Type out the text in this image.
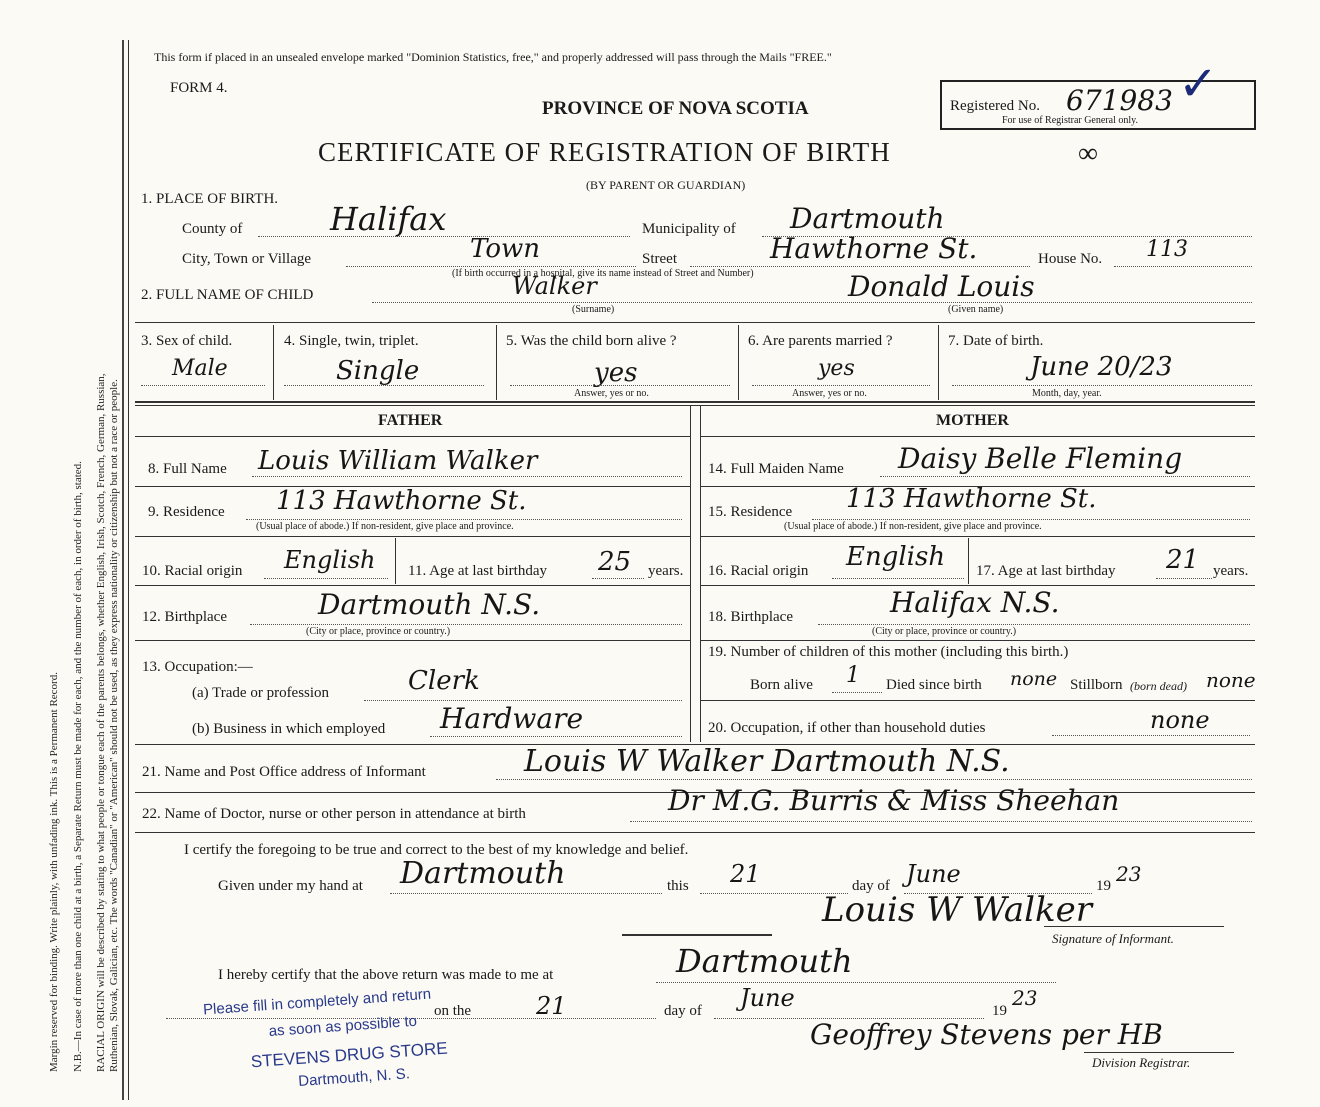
Margin reserved for binding. Write plainly, with unfading ink. This is a Permanent Record. N.B.—In case of more than one child at a birth, a Separate Return must be made for each, and the number of each, in order of birth, stated. RACIAL ORIGIN will be described by stating to what people or tongue each of the parents belongs, whether English, Irish, Scotch, French, German, Russian, Ruthenian, Slovak, Galician, etc. The words "Canadian" or "American" should not be used, as they express nationality or citizenship but not a race or people.
This form if placed in an unsealed envelope marked "Dominion Statistics, free," and properly addressed will pass through the Mails "FREE."
FORM 4.
PROVINCE OF NOVA SCOTIA
CERTIFICATE OF REGISTRATION OF BIRTH
(BY PARENT OR GUARDIAN)
∞
Registered No. 671983
For use of Registrar General only.
✓
1. PLACE OF BIRTH.
County of	Halifax	Municipality of Dartmouth
City, Town or Village	Town	Street	Hawthorne St.	House No. 113
(If birth occurred in a hospital, give its name instead of Street and Number)
2. FULL NAME OF CHILD	Walker
(Surname)
Donald Louis
(Given name)
3. Sex of child.
Male
4. Single, twin, triplet.
Single
5. Was the child born alive ?
yes
Answer, yes or no.
6. Are parents married ?
yes
Answer, yes or no.
7. Date of birth.
June 20/23
Month, day, year.
FATHER	MOTHER
8. Full Name Louis William Walker
9. Residence 113 Hawthorne St.
(Usual place of abode.) If non-resident, give place and province.
10. Racial origin English 11. Age at last birthday 25 years.
12. Birthplace	Dartmouth N.S.
(City or place, province or country.)
13. Occupation:—
(a) Trade or profession	Clerk
(b) Business in which employed Hardware
14. Full Maiden Name Daisy Belle Fleming
15. Residence 113 Hawthorne St.
(Usual place of abode.) If non-resident, give place and province.
16. Racial origin English 17. Age at last birthday 21 years.
18. Birthplace	Halifax N.S.
(City or place, province or country.)
19. Number of children of this mother (including this birth.)
Born alive 1 Died since birth none Stillborn (born dead) none
20. Occupation, if other than household duties	none
21. Name and Post Office address of Informant	Louis W Walker Dartmouth N.S.
22. Name of Doctor, nurse or other person in attendance at birth	Dr M.G. Burris & Miss Sheehan
I certify the foregoing to be true and correct to the best of my knowledge and belief.
Given under my hand at Dartmouth	this 21	day of June	19 23
Louis W Walker
Signature of Informant.
I hereby certify that the above return was made to me at	Dartmouth
on the	21	day of June	19
23
Geoffrey Stevens per HB
Division Registrar.
Please fill in completely and return
as soon as possible to
STEVENS DRUG STORE
Dartmouth, N. S.
